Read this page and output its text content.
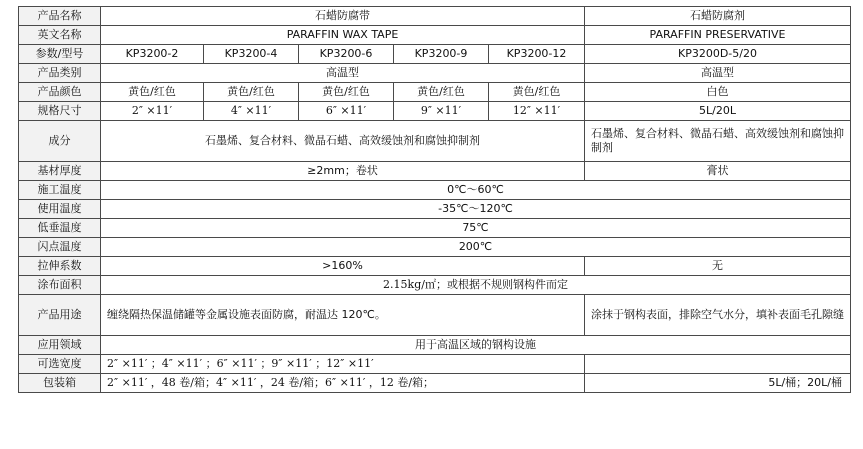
产品名称	石蜡防腐带					石蜡防腐剂
英文名称	PARAFFIN WAX TAPE					PARAFFIN PRESERVATIVE
参数/型号	KP3200-2	KP3200-4	KP3200-6	KP3200-9	KP3200-12	KP3200D-5/20
产品类别	高温型					高温型
产品颜色	黄色/红色	黄色/红色	黄色/红色	黄色/红色	黄色/红色	白色
规格尺寸	2″ ×11′	4″ ×11′	6″ ×11′	9″ ×11′	12″ ×11′	5L/20L
成分	石墨烯、复合材料、微晶石蜡、高效缓蚀剂和腐蚀抑制剂					石墨烯、复合材料、微晶石蜡、高效缓蚀剂和腐蚀抑制剂
基材厚度	≥2mm；卷状					膏状
施工温度	0℃～60℃					
使用温度	-35℃～120℃					
低垂温度	75℃					
闪点温度	200℃					
拉伸系数	>160%					无
涂布面积	2.15kg/㎡；或根据不规则钢构件而定					
产品用途	缠绕隔热保温储罐等金属设施表面防腐，耐温达 120℃。					涂抹于钢构表面，排除空气水分，填补表面毛孔隙缝
应用领域	用于高温区域的钢构设施					
可选宽度	2″ ×11′ ；4″ ×11′ ；6″ ×11′ ；9″ ×11′ ；12″ ×11′					
包装箱	2″ ×11′ ，48 卷/箱；4″ ×11′ ，24 卷/箱；6″ ×11′ ，12 卷/箱；					5L/桶；20L/桶
